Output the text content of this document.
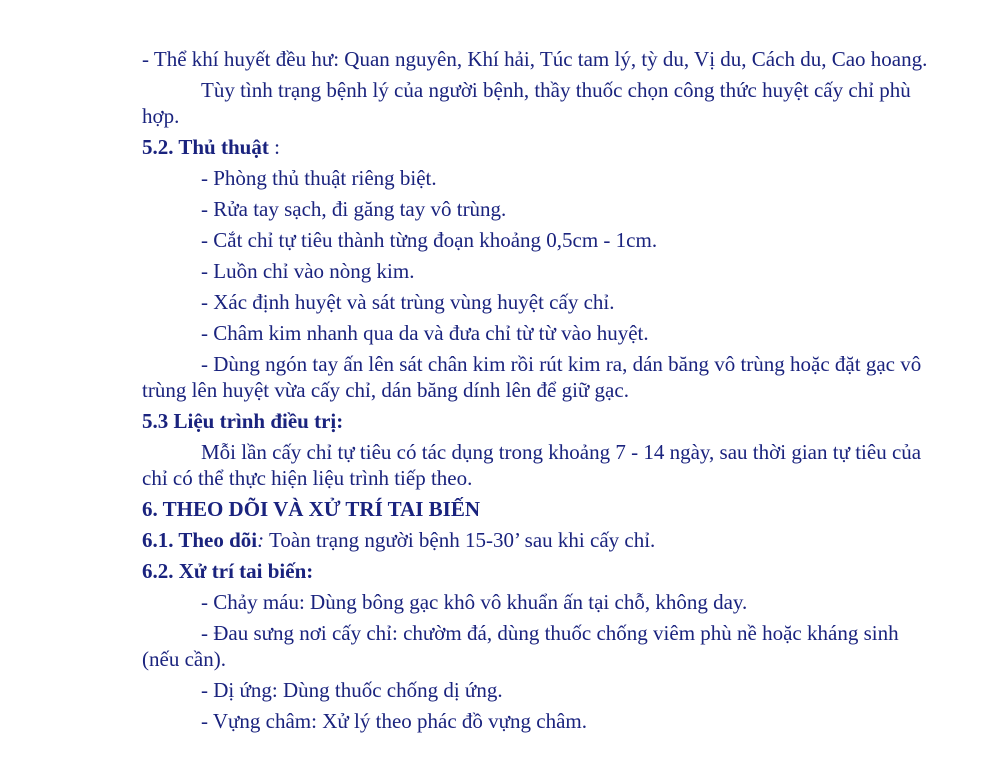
- Thể khí huyết đều hư: Quan nguyên, Khí hải, Túc tam lý, tỳ du, Vị du, Cách du, Cao hoang.

Tùy tình trạng bệnh lý của người bệnh, thầy thuốc chọn công thức huyệt cấy chỉ phù hợp.

5.2. Thủ thuật :

- Phòng thủ thuật riêng biệt.

- Rửa tay sạch, đi găng tay vô trùng.

- Cắt chỉ tự tiêu thành từng đoạn khoảng 0,5cm - 1cm.

- Luồn chỉ vào nòng kim.

- Xác định huyệt và sát trùng vùng huyệt cấy chỉ.

- Châm kim nhanh qua da và đưa chỉ từ từ vào huyệt.

- Dùng ngón tay ấn lên sát chân kim rồi rút kim ra, dán băng vô trùng hoặc đặt gạc vô trùng lên huyệt vừa cấy chỉ, dán băng dính lên để giữ gạc.

5.3 Liệu trình điều trị:

Mỗi lần cấy chỉ tự tiêu có tác dụng trong khoảng 7 - 14 ngày, sau thời gian tự tiêu của chỉ có thể thực hiện liệu trình tiếp theo.

6. THEO DÕI VÀ XỬ TRÍ TAI BIẾN

6.1. Theo dõi: Toàn trạng người bệnh 15-30’ sau khi cấy chỉ.

6.2. Xử trí tai biến:

- Chảy máu: Dùng bông gạc khô vô khuẩn ấn tại chỗ, không day.

- Đau sưng nơi cấy chỉ: chườm đá, dùng thuốc chống viêm phù nề hoặc kháng sinh (nếu cần).

- Dị ứng: Dùng thuốc chống dị ứng.

- Vựng châm: Xử lý theo phác đồ vựng châm.
